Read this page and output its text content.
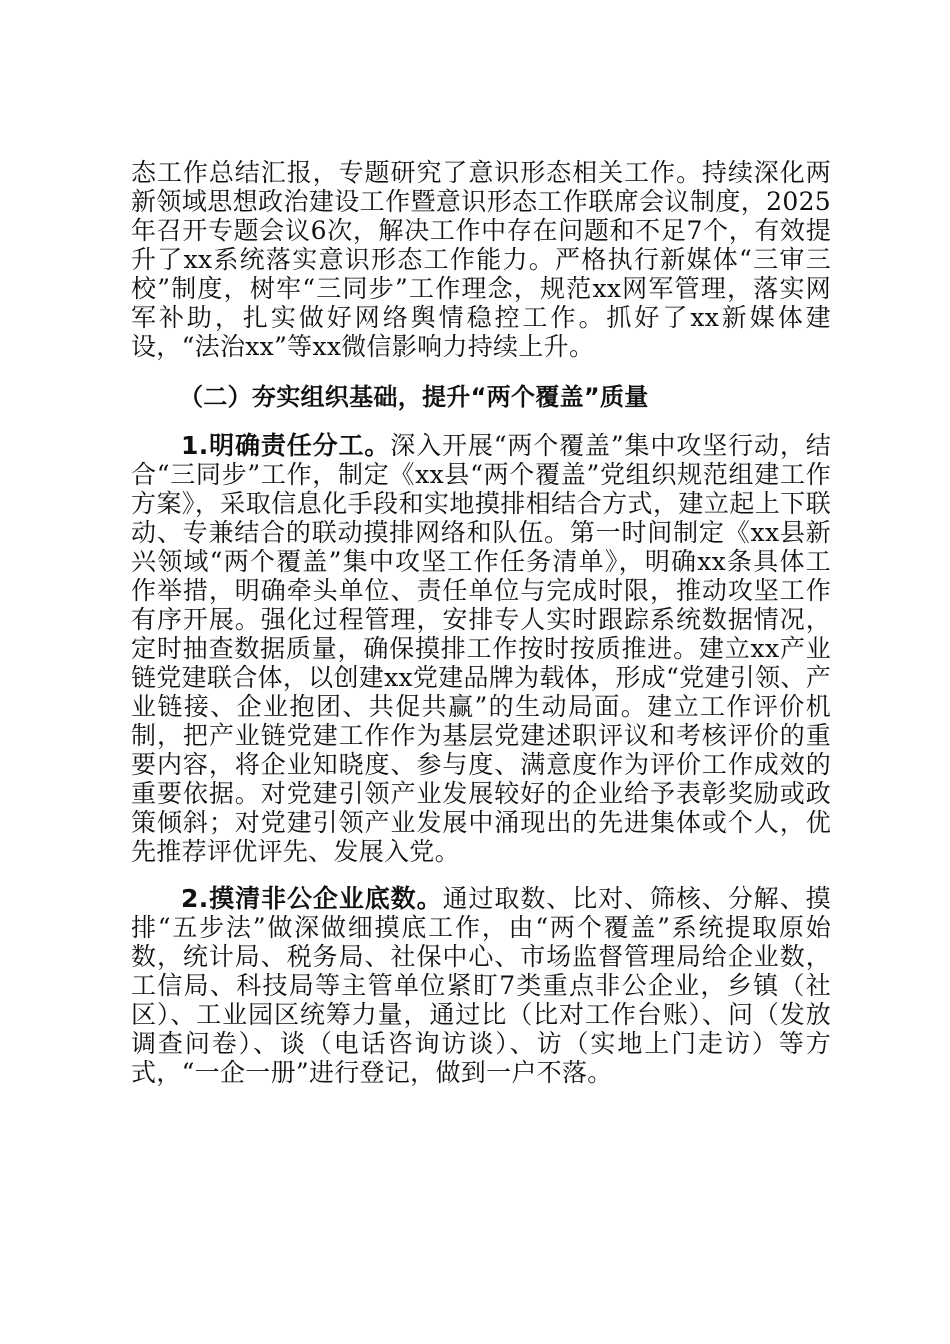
态工作总结汇报，专题研究了意识形态相关工作。持续深化两新领域思想政治建设工作暨意识形态工作联席会议制度，2025年召开专题会议6次，解决工作中存在问题和不足7个，有效提升了xx系统落实意识形态工作能力。严格执行新媒体“三审三校”制度，树牢“三同步”工作理念，规范xx网军管理，落实网军补助，扎实做好网络舆情稳控工作。抓好了xx新媒体建设，“法治xx”等xx微信影响力持续上升。

（二）夯实组织基础，提升“两个覆盖”质量

1.明确责任分工。深入开展“两个覆盖”集中攻坚行动，结合“三同步”工作，制定《xx县“两个覆盖”党组织规范组建工作方案》，采取信息化手段和实地摸排相结合方式，建立起上下联动、专兼结合的联动摸排网络和队伍。第一时间制定《xx县新兴领域“两个覆盖”集中攻坚工作任务清单》，明确xx条具体工作举措，明确牵头单位、责任单位与完成时限，推动攻坚工作有序开展。强化过程管理，安排专人实时跟踪系统数据情况，定时抽查数据质量，确保摸排工作按时按质推进。建立xx产业链党建联合体，以创建xx党建品牌为载体，形成“党建引领、产业链接、企业抱团、共促共赢”的生动局面。建立工作评价机制，把产业链党建工作作为基层党建述职评议和考核评价的重要内容，将企业知晓度、参与度、满意度作为评价工作成效的重要依据。对党建引领产业发展较好的企业给予表彰奖励或政策倾斜；对党建引领产业发展中涌现出的先进集体或个人，优先推荐评优评先、发展入党。

2.摸清非公企业底数。通过取数、比对、筛核、分解、摸排“五步法”做深做细摸底工作，由“两个覆盖”系统提取原始数，统计局、税务局、社保中心、市场监督管理局给企业数，工信局、科技局等主管单位紧盯7类重点非公企业，乡镇（社区）、工业园区统筹力量，通过比（比对工作台账）、问（发放调查问卷）、谈（电话咨询访谈）、访（实地上门走访）等方式，“一企一册”进行登记，做到一户不落。
